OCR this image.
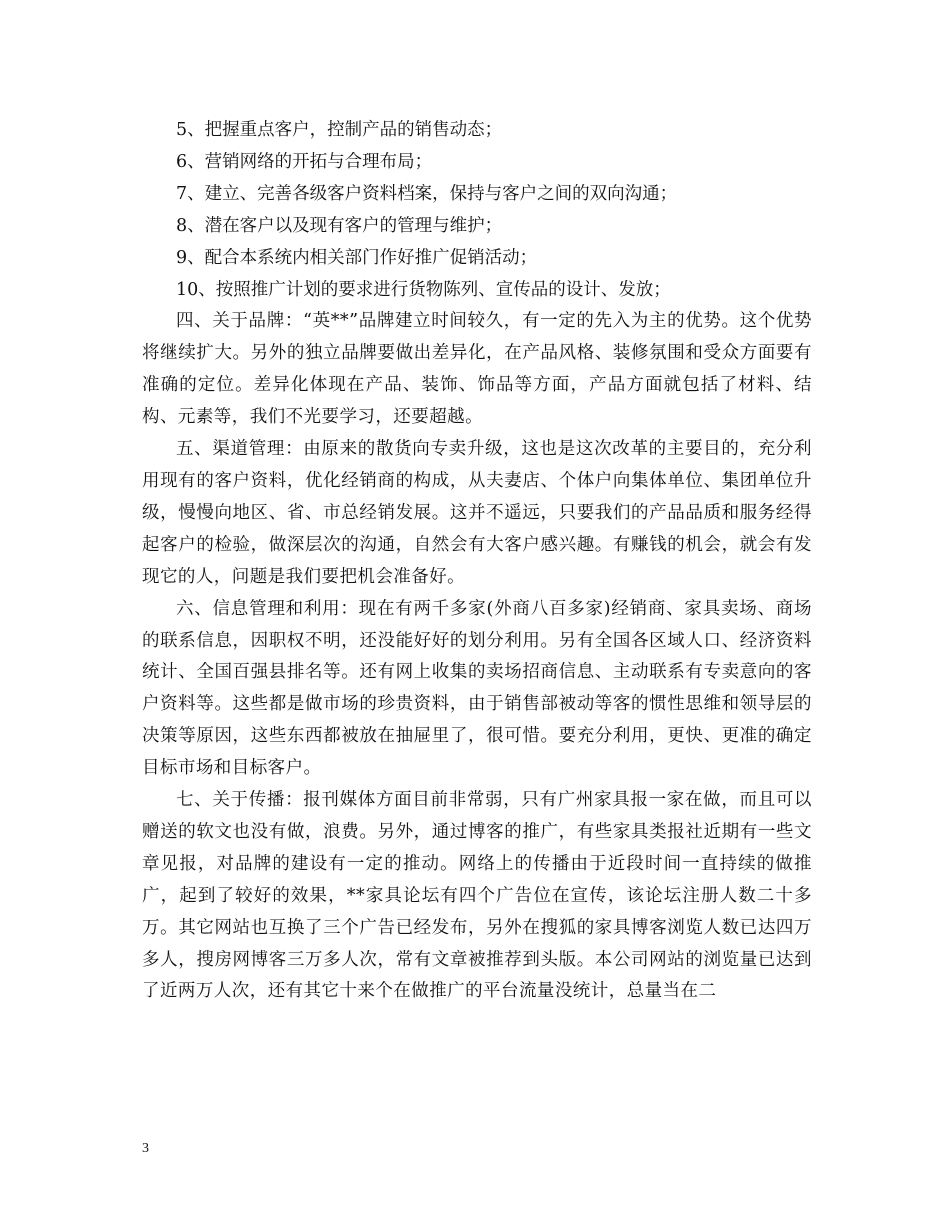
5、把握重点客户，控制产品的销售动态；

6、营销网络的开拓与合理布局；

7、建立、完善各级客户资料档案，保持与客户之间的双向沟通；

8、潜在客户以及现有客户的管理与维护；

9、配合本系统内相关部门作好推广促销活动；

10、按照推广计划的要求进行货物陈列、宣传品的设计、发放；

四、关于品牌：“英**”品牌建立时间较久，有一定的先入为主的优势。这个优势将继续扩大。另外的独立品牌要做出差异化，在产品风格、装修氛围和受众方面要有准确的定位。差异化体现在产品、装饰、饰品等方面，产品方面就包括了材料、结构、元素等，我们不光要学习，还要超越。

五、渠道管理：由原来的散货向专卖升级，这也是这次改革的主要目的，充分利用现有的客户资料，优化经销商的构成，从夫妻店、个体户向集体单位、集团单位升级，慢慢向地区、省、市总经销发展。这并不遥远，只要我们的产品品质和服务经得起客户的检验，做深层次的沟通，自然会有大客户感兴趣。有赚钱的机会，就会有发现它的人，问题是我们要把机会准备好。

六、信息管理和利用：现在有两千多家(外商八百多家)经销商、家具卖场、商场的联系信息，因职权不明，还没能好好的划分利用。另有全国各区域人口、经济资料统计、全国百强县排名等。还有网上收集的卖场招商信息、主动联系有专卖意向的客户资料等。这些都是做市场的珍贵资料，由于销售部被动等客的惯性思维和领导层的决策等原因，这些东西都被放在抽屉里了，很可惜。要充分利用，更快、更准的确定目标市场和目标客户。

七、关于传播：报刊媒体方面目前非常弱，只有广州家具报一家在做，而且可以赠送的软文也没有做，浪费。另外，通过博客的推广，有些家具类报社近期有一些文章见报，对品牌的建设有一定的推动。网络上的传播由于近段时间一直持续的做推广，起到了较好的效果，**家具论坛有四个广告位在宣传，该论坛注册人数二十多万。其它网站也互换了三个广告已经发布，另外在搜狐的家具博客浏览人数已达四万多人，搜房网博客三万多人次，常有文章被推荐到头版。本公司网站的浏览量已达到了近两万人次，还有其它十来个在做推广的平台流量没统计，总量当在二

3
